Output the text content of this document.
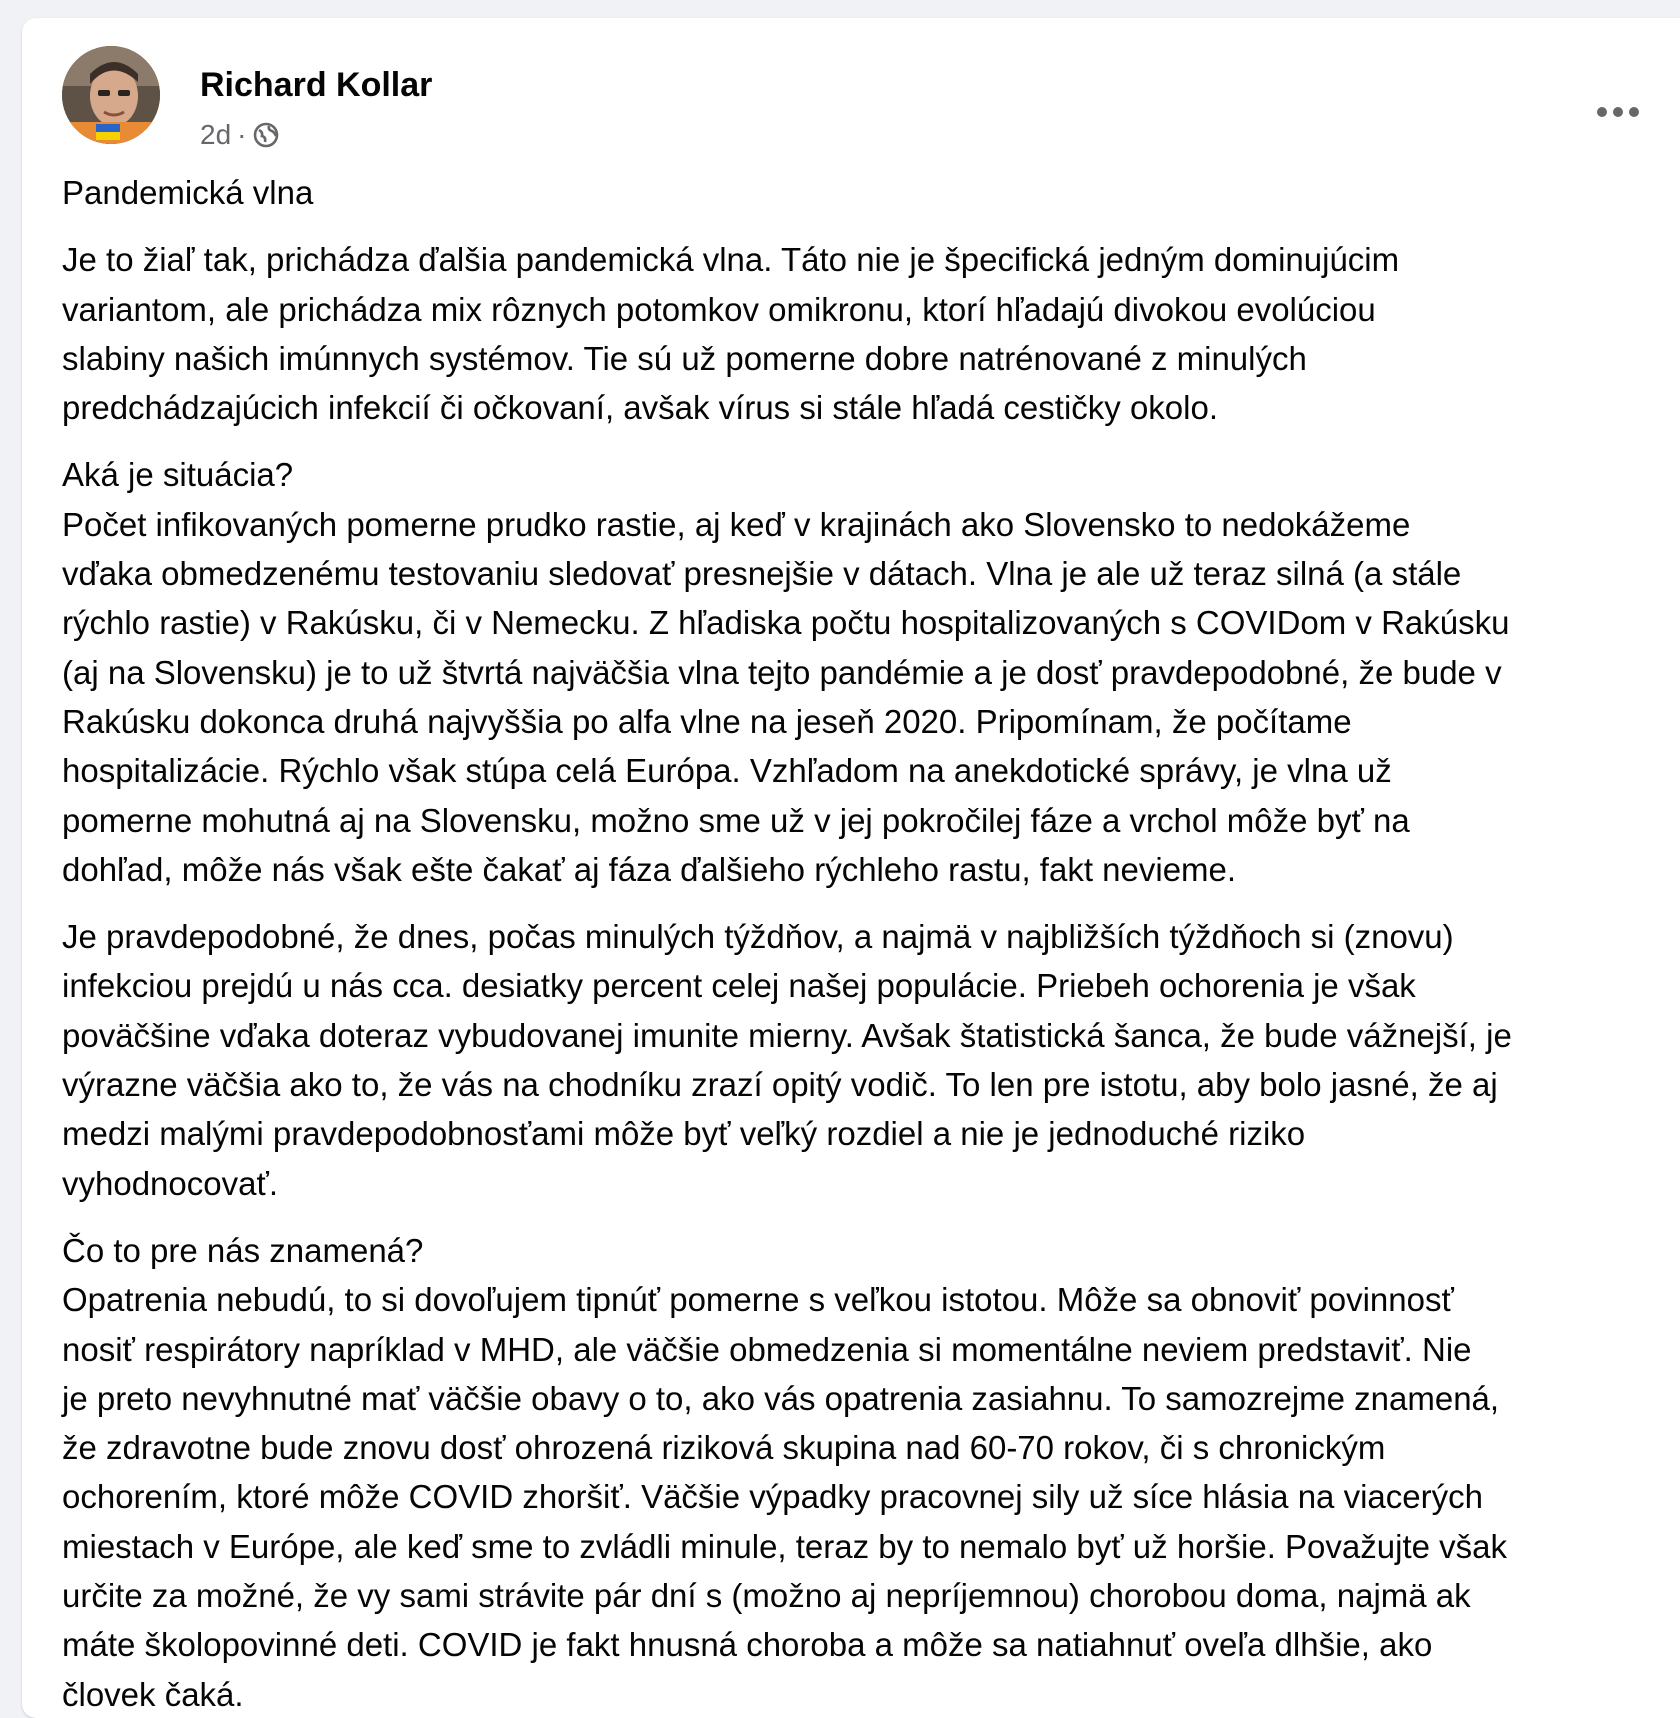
Richard Kollar
2d ·

Pandemická vlna

Je to žiaľ tak, prichádza ďalšia pandemická vlna. Táto nie je špecifická jedným dominujúcim
variantom, ale prichádza mix rôznych potomkov omikronu, ktorí hľadajú divokou evolúciou
slabiny našich imúnnych systémov. Tie sú už pomerne dobre natrénované z minulých
predchádzajúcich infekcií či očkovaní, avšak vírus si stále hľadá cestičky okolo.

Aká je situácia?
Počet infikovaných pomerne prudko rastie, aj keď v krajinách ako Slovensko to nedokážeme
vďaka obmedzenému testovaniu sledovať presnejšie v dátach. Vlna je ale už teraz silná (a stále
rýchlo rastie) v Rakúsku, či v Nemecku. Z hľadiska počtu hospitalizovaných s COVIDom v Rakúsku
(aj na Slovensku) je to už štvrtá najväčšia vlna tejto pandémie a je dosť pravdepodobné, že bude v
Rakúsku dokonca druhá najvyššia po alfa vlne na jeseň 2020. Pripomínam, že počítame
hospitalizácie. Rýchlo však stúpa celá Európa. Vzhľadom na anekdotické správy, je vlna už
pomerne mohutná aj na Slovensku, možno sme už v jej pokročilej fáze a vrchol môže byť na
dohľad, môže nás však ešte čakať aj fáza ďalšieho rýchleho rastu, fakt nevieme.

Je pravdepodobné, že dnes, počas minulých týždňov, a najmä v najbližších týždňoch si (znovu)
infekciou prejdú u nás cca. desiatky percent celej našej populácie. Priebeh ochorenia je však
poväčšine vďaka doteraz vybudovanej imunite mierny. Avšak štatistická šanca, že bude vážnejší, je
výrazne väčšia ako to, že vás na chodníku zrazí opitý vodič. To len pre istotu, aby bolo jasné, že aj
medzi malými pravdepodobnosťami môže byť veľký rozdiel a nie je jednoduché riziko
vyhodnocovať.

Čo to pre nás znamená?
Opatrenia nebudú, to si dovoľujem tipnúť pomerne s veľkou istotou. Môže sa obnoviť povinnosť
nosiť respirátory napríklad v MHD, ale väčšie obmedzenia si momentálne neviem predstaviť. Nie
je preto nevyhnutné mať väčšie obavy o to, ako vás opatrenia zasiahnu. To samozrejme znamená,
že zdravotne bude znovu dosť ohrozená riziková skupina nad 60-70 rokov, či s chronickým
ochorením, ktoré môže COVID zhoršiť. Väčšie výpadky pracovnej sily už síce hlásia na viacerých
miestach v Európe, ale keď sme to zvládli minule, teraz by to nemalo byť už horšie. Považujte však
určite za možné, že vy sami strávite pár dní s (možno aj nepríjemnou) chorobou doma, najmä ak
máte školopovinné deti. COVID je fakt hnusná choroba a môže sa natiahnuť oveľa dlhšie, ako
človek čaká.
